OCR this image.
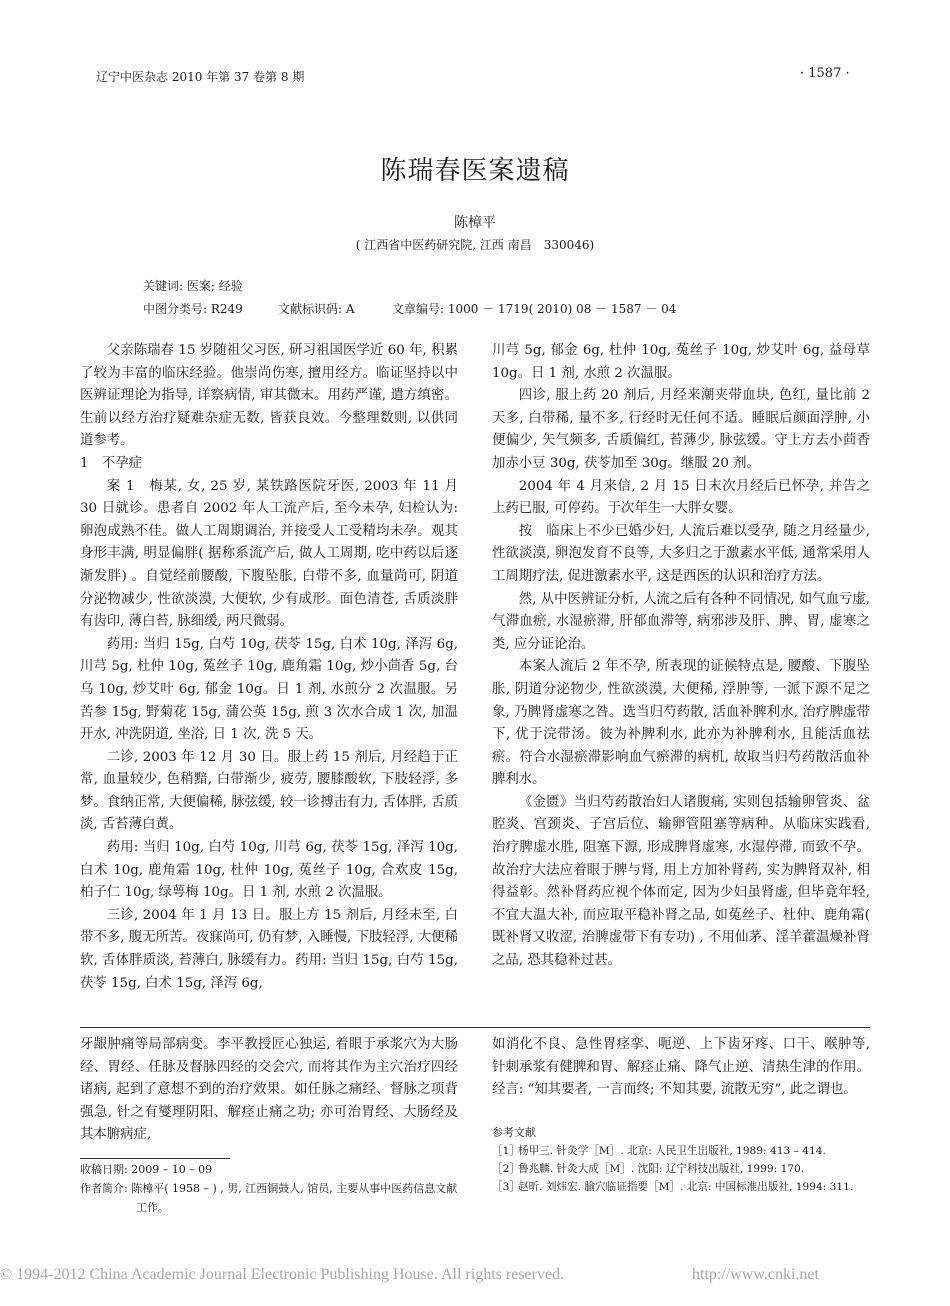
辽宁中医杂志 2010 年第 37 卷第 8 期	· 1587 ·
陈瑞春医案遗稿
陈樟平
( 江西省中医药研究院, 江西 南昌　330046)
关键词: 医案; 经验
中图分类号: R249	文献标识码: A	文章编号: 1000 － 1719( 2010) 08 － 1587 － 04

父亲陈瑞春 15 岁随祖父习医, 研习祖国医学近 60 年, 积累了较为丰富的临床经验。他崇尚伤寒, 擅用经方。临证坚持以中医辨证理论为指导, 详察病情, 审其微末。用药严谨, 遣方缜密。生前以经方治疗疑难杂症无数, 皆获良效。今整理数则, 以供同道参考。

1　不孕症

案 1　梅某, 女, 25 岁, 某铁路医院牙医, 2003 年 11 月 30 日就诊。患者自 2002 年人工流产后, 至今未孕, 妇检认为: 卵泡成熟不佳。做人工周期调治, 并接受人工受精均未孕。观其身形丰满, 明显偏胖( 据称系流产后, 做人工周期, 吃中药以后逐渐发胖) 。自觉经前腰酸, 下腹坠胀, 白带不多, 血量尚可, 阴道分泌物减少, 性欲淡漠, 大便软, 少有成形。面色清苍, 舌质淡胖有齿印, 薄白苔, 脉细缓, 两尺微弱。

药用: 当归 15g, 白芍 10g, 茯苓 15g, 白术 10g, 泽泻 6g, 川芎 5g, 杜仲 10g, 菟丝子 10g, 鹿角霜 10g, 炒小茴香 5g, 台乌 10g, 炒艾叶 6g, 郁金 10g。日 1 剂, 水煎分 2 次温服。另苦参 15g, 野菊花 15g, 蒲公英 15g, 煎 3 次水合成 1 次, 加温开水, 冲洗阴道, 坐浴, 日 1 次, 洗 5 天。

二诊, 2003 年 12 月 30 日。服上药 15 剂后, 月经趋于正常, 血量较少, 色稍黯, 白带渐少, 疲劳, 腰膝酸软, 下肢轻浮, 多梦。食纳正常, 大便偏稀, 脉弦缓, 较一诊搏击有力, 舌体胖, 舌质淡, 舌苔薄白黄。

药用: 当归 10g, 白芍 10g, 川芎 6g, 茯苓 15g, 泽泻 10g, 白术 10g, 鹿角霜 10g, 杜仲 10g, 菟丝子 10g, 合欢皮 15g, 柏子仁 10g, 绿萼梅 10g。日 1 剂, 水煎 2 次温服。

三诊, 2004 年 1 月 13 日。服上方 15 剂后, 月经未至, 白带不多, 腹无所苦。夜寐尚可, 仍有梦, 入睡慢, 下肢轻浮, 大便稀软, 舌体胖质淡, 苔薄白, 脉缓有力。药用: 当归 15g, 白芍 15g, 茯苓 15g, 白术 15g, 泽泻 6g,

川芎 5g, 郁金 6g, 杜仲 10g, 菟丝子 10g, 炒艾叶 6g, 益母草 10g。日 1 剂, 水煎 2 次温服。

四诊, 服上药 20 剂后, 月经来潮夹带血块, 色红, 量比前 2 天多, 白带稀, 量不多, 行经时无任何不适。睡眠后颜面浮肿, 小便偏少, 矢气频多, 舌质偏红, 苔薄少, 脉弦缓。守上方去小茴香加赤小豆 30g, 茯苓加至 30g。继服 20 剂。

2004 年 4 月来信, 2 月 15 日末次月经后已怀孕, 并告之上药已服, 可停药。于次年生一大胖女婴。

按　临床上不少已婚少妇, 人流后难以受孕, 随之月经量少, 性欲淡漠, 卵泡发育不良等, 大多归之于激素水平低, 通常采用人工周期疗法, 促进激素水平, 这是西医的认识和治疗方法。

然, 从中医辨证分析, 人流之后有各种不同情况, 如气血亏虚, 气滞血瘀, 水湿瘀滞, 肝郁血滞等, 病邪涉及肝、脾、胃, 虚寒之类, 应分证论治。

本案人流后 2 年不孕, 所表现的证候特点是, 腰酸、下腹坠胀, 阴道分泌物少, 性欲淡漠, 大便稀, 浮肿等, 一派下源不足之象, 乃脾肾虚寒之咎。选当归芍药散, 活血补脾利水, 治疗脾虚带下, 优于浣带汤。彼为补脾利水, 此亦为补脾利水, 且能活血祛瘀。符合水湿瘀滞影响血气瘀滞的病机, 故取当归芍药散活血补脾利水。

《金匮》当归芍药散治妇人诸腹痛, 实则包括输卵管炎、盆腔炎、宫颈炎、子宫后位、输卵管阻塞等病种。从临床实践看, 治疗脾虚水胜, 阻塞下源, 形成脾肾虚寒, 水湿停滞, 而致不孕。故治疗大法应着眼于脾与肾, 用上方加补肾药, 实为脾肾双补, 相得益彰。然补肾药应视个体而定, 因为少妇虽肾虚, 但毕竟年轻, 不宜大温大补, 而应取平稳补肾之品, 如菟丝子、杜仲、鹿角霜( 既补肾又收涩, 治脾虚带下有专功) , 不用仙茅、淫羊藿温燥补肾之品, 恐其稳补过甚。

牙龈肿痛等局部病变。李平教授匠心独运, 着眼于承浆穴为大肠经、胃经、任脉及督脉四经的交会穴, 而将其作为主穴治疗四经诸病, 起到了意想不到的治疗效果。如任脉之痛经、督脉之项背强急, 针之有燮理阴阳、解痉止痛之功; 亦可治胃经、大肠经及其本腑病症,

如消化不良、急性胃痉挛、呃逆、上下齿牙疼、口干、喉肿等, 针刺承浆有健脾和胃、解痉止痛、降气止逆、清热生津的作用。经言: “知其要者, 一言而终; 不知其要, 流散无穷”, 此之谓也。

参考文献
［1］
杨甲三. 针灸学［M］. 北京: 人民卫生出版社, 1989: 413 – 414.
［2］
鲁兆麟. 针灸大成［M］. 沈阳: 辽宁科技出版社, 1999: 170.
［3］
赵昕. 刘炜宏. 腧穴临证指要［M］. 北京: 中国标准出版社, 1994: 311.
收稿日期: 2009 – 10 – 09
作者简介: 陈樟平( 1958 – ) , 男, 江西铜鼓人, 馆员, 主要从事中医药信息文献工作。
© 1994-2012 China Academic Journal Electronic Publishing House. All rights reserved.	http://www.cnki.net
